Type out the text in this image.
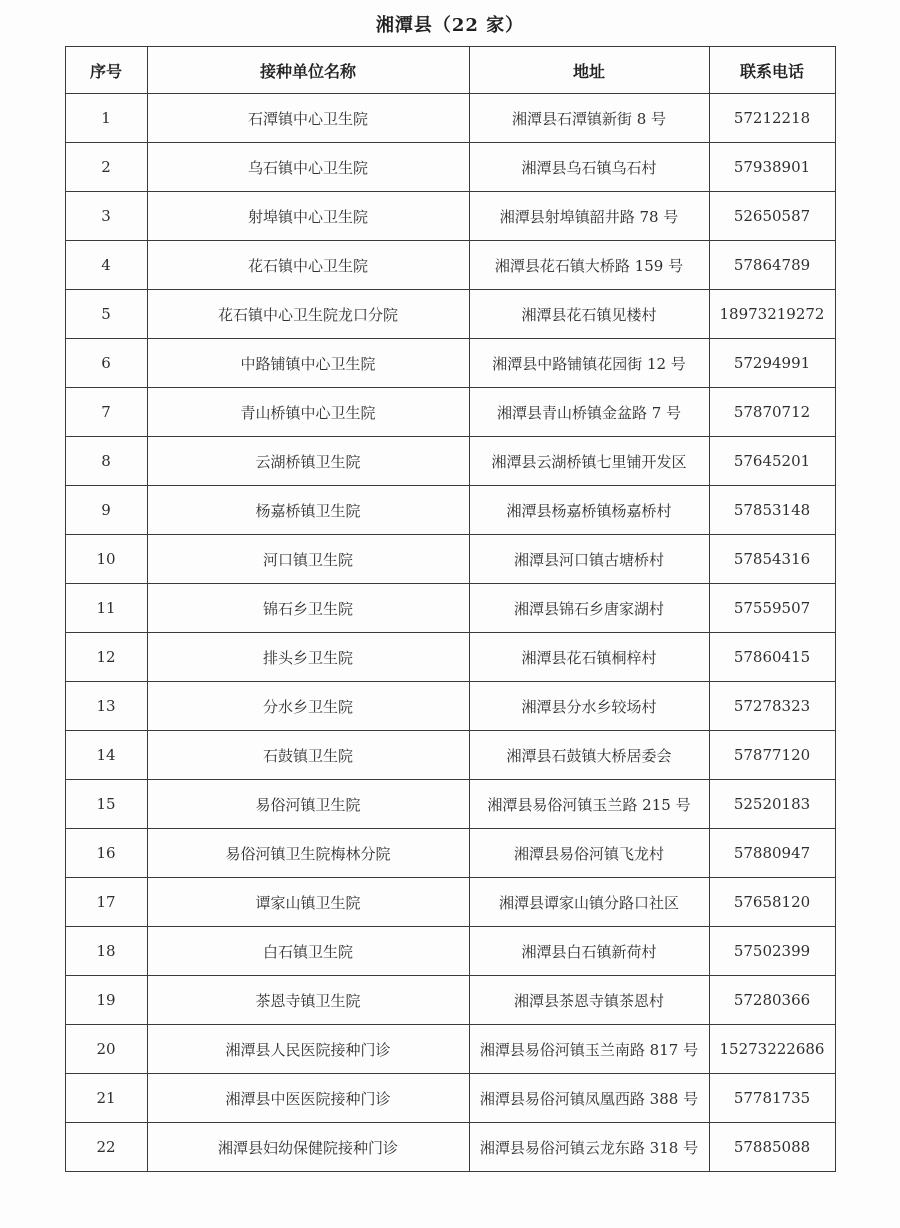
湘潭县（22 家）
序号	接种单位名称	地址	联系电话
1	石潭镇中心卫生院	湘潭县石潭镇新街 8 号	57212218
2	乌石镇中心卫生院	湘潭县乌石镇乌石村	57938901
3	射埠镇中心卫生院	湘潭县射埠镇韶井路 78 号	52650587
4	花石镇中心卫生院	湘潭县花石镇大桥路 159 号	57864789
5	花石镇中心卫生院龙口分院	湘潭县花石镇见楼村	18973219272
6	中路铺镇中心卫生院	湘潭县中路铺镇花园街 12 号	57294991
7	青山桥镇中心卫生院	湘潭县青山桥镇金盆路 7 号	57870712
8	云湖桥镇卫生院	湘潭县云湖桥镇七里铺开发区	57645201
9	杨嘉桥镇卫生院	湘潭县杨嘉桥镇杨嘉桥村	57853148
10	河口镇卫生院	湘潭县河口镇古塘桥村	57854316
11	锦石乡卫生院	湘潭县锦石乡唐家湖村	57559507
12	排头乡卫生院	湘潭县花石镇桐梓村	57860415
13	分水乡卫生院	湘潭县分水乡较场村	57278323
14	石鼓镇卫生院	湘潭县石鼓镇大桥居委会	57877120
15	易俗河镇卫生院	湘潭县易俗河镇玉兰路 215 号	52520183
16	易俗河镇卫生院梅林分院	湘潭县易俗河镇飞龙村	57880947
17	谭家山镇卫生院	湘潭县谭家山镇分路口社区	57658120
18	白石镇卫生院	湘潭县白石镇新荷村	57502399
19	茶恩寺镇卫生院	湘潭县茶恩寺镇茶恩村	57280366
20	湘潭县人民医院接种门诊	湘潭县易俗河镇玉兰南路 817 号	15273222686
21	湘潭县中医医院接种门诊	湘潭县易俗河镇凤凰西路 388 号	57781735
22	湘潭县妇幼保健院接种门诊	湘潭县易俗河镇云龙东路 318 号	57885088
